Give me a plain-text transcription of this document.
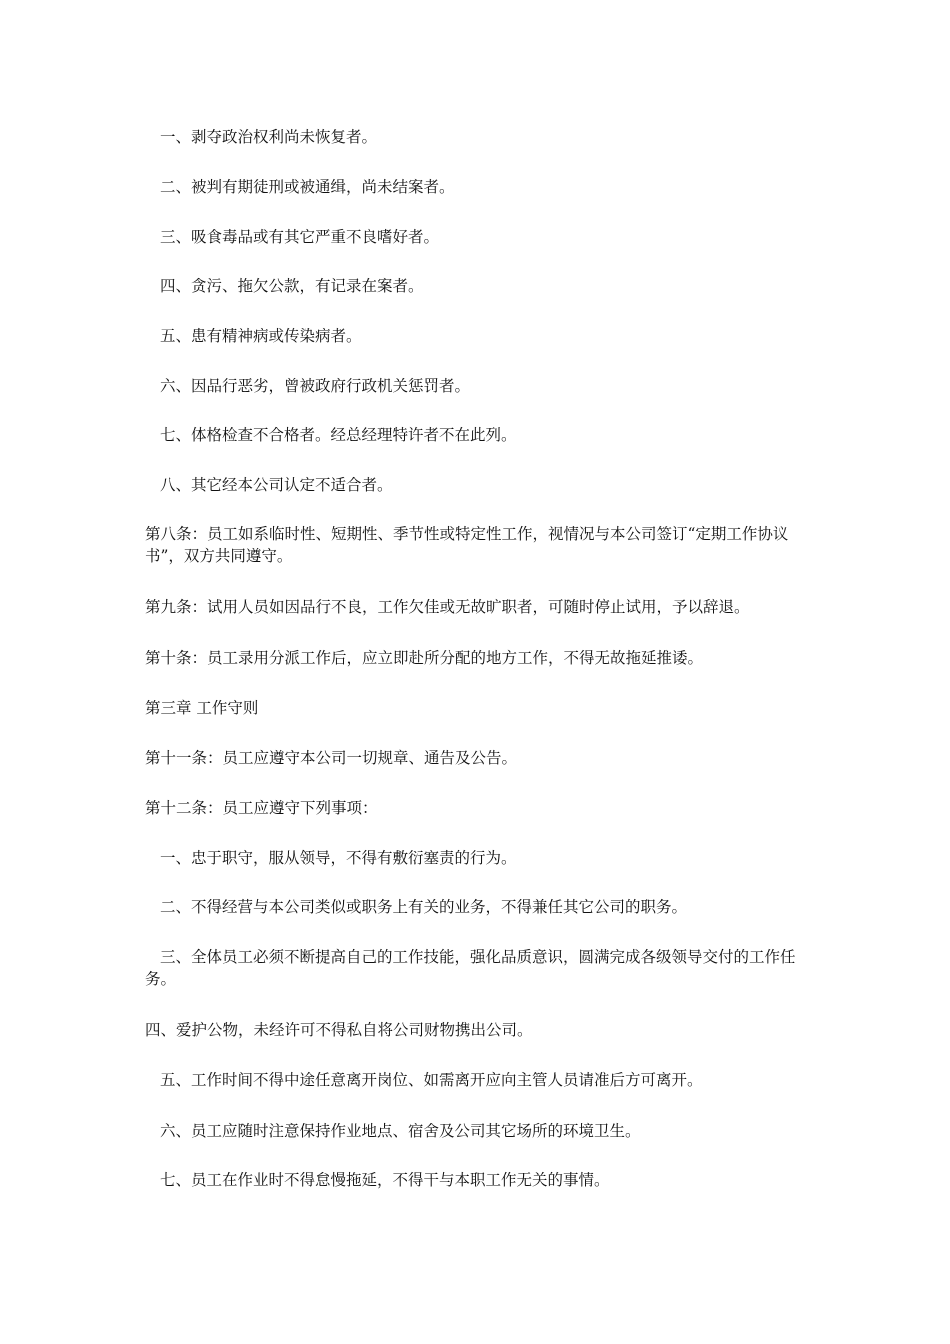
一、剥夺政治权利尚未恢复者。

二、被判有期徒刑或被通缉，尚未结案者。

三、吸食毒品或有其它严重不良嗜好者。

四、贪污、拖欠公款，有记录在案者。

五、患有精神病或传染病者。

六、因品行恶劣，曾被政府行政机关惩罚者。

七、体格检查不合格者。经总经理特许者不在此列。

八、其它经本公司认定不适合者。

第八条：员工如系临时性、短期性、季节性或特定性工作，视情况与本公司签订“定期工作协议书”，双方共同遵守。

第九条：试用人员如因品行不良，工作欠佳或无故旷职者，可随时停止试用，予以辞退。

第十条：员工录用分派工作后，应立即赴所分配的地方工作，不得无故拖延推诿。

第三章 工作守则

第十一条：员工应遵守本公司一切规章、通告及公告。

第十二条：员工应遵守下列事项：

一、忠于职守，服从领导，不得有敷衍塞责的行为。

二、不得经营与本公司类似或职务上有关的业务，不得兼任其它公司的职务。

三、全体员工必须不断提高自己的工作技能，强化品质意识，圆满完成各级领导交付的工作任务。

四、爱护公物，未经许可不得私自将公司财物携出公司。

五、工作时间不得中途任意离开岗位、如需离开应向主管人员请准后方可离开。

六、员工应随时注意保持作业地点、宿舍及公司其它场所的环境卫生。

七、员工在作业时不得怠慢拖延，不得干与本职工作无关的事情。
